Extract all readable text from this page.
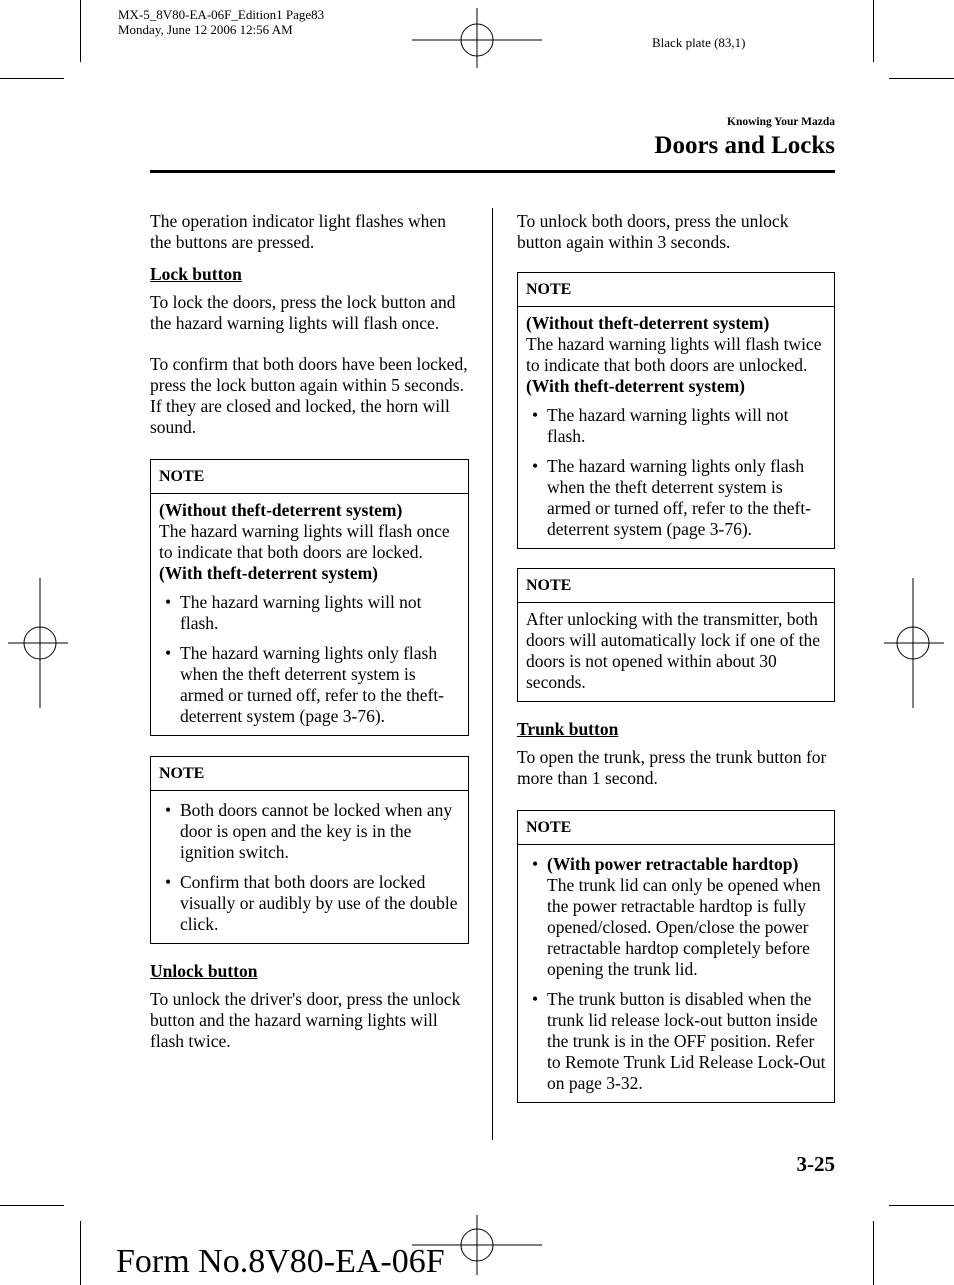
MX-5_8V80-EA-06F_Edition1 Page83
Monday, June 12 2006 12:56 AM
Black plate (83,1)
Knowing Your Mazda
Doors and Locks

The operation indicator light flashes when the buttons are pressed.

Lock button

To lock the doors, press the lock button and the hazard warning lights will flash once.

To confirm that both doors have been locked, press the lock button again within 5 seconds. If they are closed and locked, the horn will sound.

NOTE

(Without theft-deterrent system)

The hazard warning lights will flash once to indicate that both doors are locked.

(With theft-deterrent system)

• The hazard warning lights will not flash.
• The hazard warning lights only flash when the theft deterrent system is armed or turned off, refer to the theft-deterrent system (page 3-76).
NOTE
• Both doors cannot be locked when any door is open and the key is in the ignition switch.
• Confirm that both doors are locked visually or audibly by use of the double click.

Unlock button

To unlock the driver's door, press the unlock button and the hazard warning lights will flash twice.

To unlock both doors, press the unlock button again within 3 seconds.

NOTE

(Without theft-deterrent system)

The hazard warning lights will flash twice to indicate that both doors are unlocked.

(With theft-deterrent system)

• The hazard warning lights will not flash.
• The hazard warning lights only flash when the theft deterrent system is armed or turned off, refer to the theft-deterrent system (page 3-76).
NOTE

After unlocking with the transmitter, both doors will automatically lock if one of the doors is not opened within about 30 seconds.

Trunk button

To open the trunk, press the trunk button for more than 1 second.

NOTE
• (With power retractable hardtop)
The trunk lid can only be opened when the power retractable hardtop is fully opened/closed. Open/close the power retractable hardtop completely before opening the trunk lid.
• The trunk button is disabled when the trunk lid release lock-out button inside the trunk is in the OFF position. Refer to Remote Trunk Lid Release Lock-Out on page 3-32.
3-25
Form No.8V80-EA-06F
